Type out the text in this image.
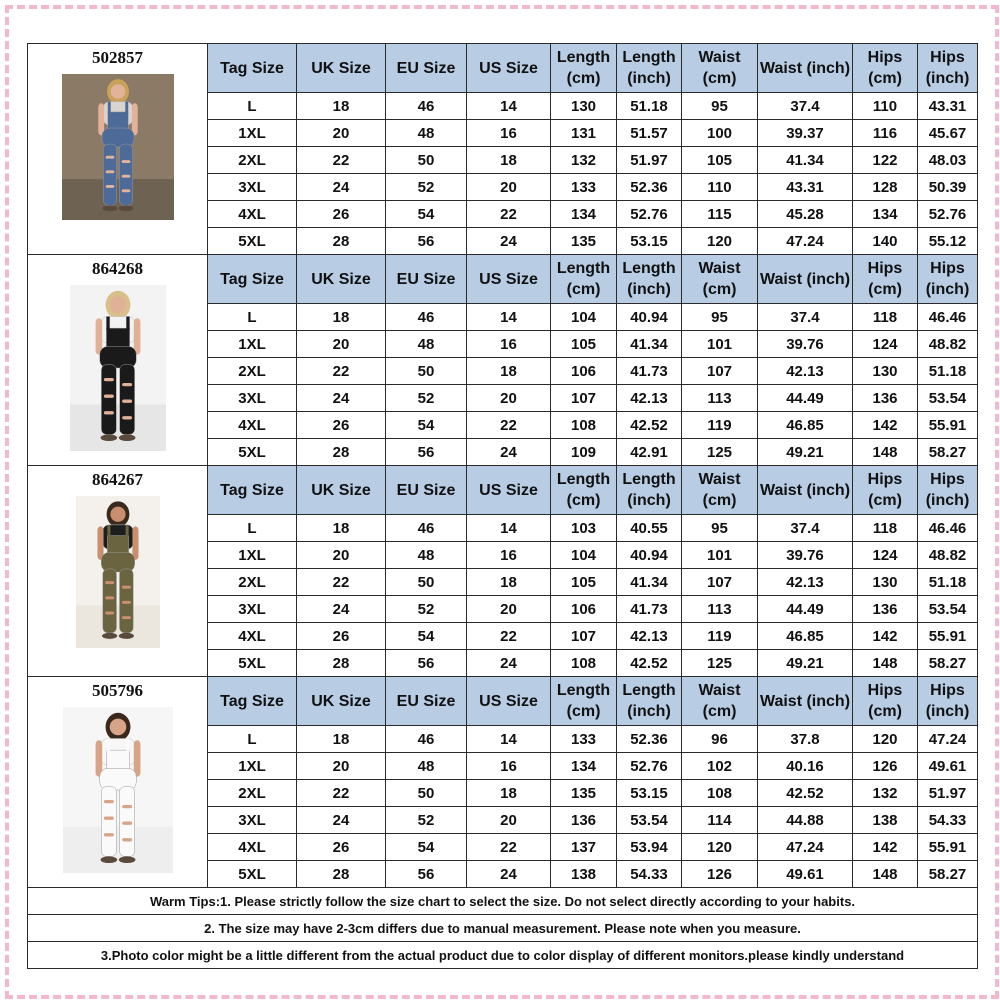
502857	Tag Size	UK Size	EU Size	US Size	Length (cm)	Length (inch)	Waist (cm)	Waist (inch)	Hips (cm)	Hips (inch)
	L	18	46	14	130	51.18	95	37.4	110	43.31
	1XL	20	48	16	131	51.57	100	39.37	116	45.67
	2XL	22	50	18	132	51.97	105	41.34	122	48.03
	3XL	24	52	20	133	52.36	110	43.31	128	50.39
	4XL	26	54	22	134	52.76	115	45.28	134	52.76
	5XL	28	56	24	135	53.15	120	47.24	140	55.12

864268	Tag Size	UK Size	EU Size	US Size	Length (cm)	Length (inch)	Waist (cm)	Waist (inch)	Hips (cm)	Hips (inch)
	L	18	46	14	104	40.94	95	37.4	118	46.46
	1XL	20	48	16	105	41.34	101	39.76	124	48.82
	2XL	22	50	18	106	41.73	107	42.13	130	51.18
	3XL	24	52	20	107	42.13	113	44.49	136	53.54
	4XL	26	54	22	108	42.52	119	46.85	142	55.91
	5XL	28	56	24	109	42.91	125	49.21	148	58.27

864267	Tag Size	UK Size	EU Size	US Size	Length (cm)	Length (inch)	Waist (cm)	Waist (inch)	Hips (cm)	Hips (inch)
	L	18	46	14	103	40.55	95	37.4	118	46.46
	1XL	20	48	16	104	40.94	101	39.76	124	48.82
	2XL	22	50	18	105	41.34	107	42.13	130	51.18
	3XL	24	52	20	106	41.73	113	44.49	136	53.54
	4XL	26	54	22	107	42.13	119	46.85	142	55.91
	5XL	28	56	24	108	42.52	125	49.21	148	58.27

505796	Tag Size	UK Size	EU Size	US Size	Length (cm)	Length (inch)	Waist (cm)	Waist (inch)	Hips (cm)	Hips (inch)
	L	18	46	14	133	52.36	96	37.8	120	47.24
	1XL	20	48	16	134	52.76	102	40.16	126	49.61
	2XL	22	50	18	135	53.15	108	42.52	132	51.97
	3XL	24	52	20	136	53.54	114	44.88	138	54.33
	4XL	26	54	22	137	53.94	120	47.24	142	55.91
	5XL	28	56	24	138	54.33	126	49.61	148	58.27
Warm Tips:1. Please strictly follow the size chart to select the size. Do not select directly according to your habits.										
2. The size may have 2-3cm differs due to manual measurement. Please note when you measure.										
3.Photo color might be a little different from the actual product due to color display of different monitors.please kindly understand										
